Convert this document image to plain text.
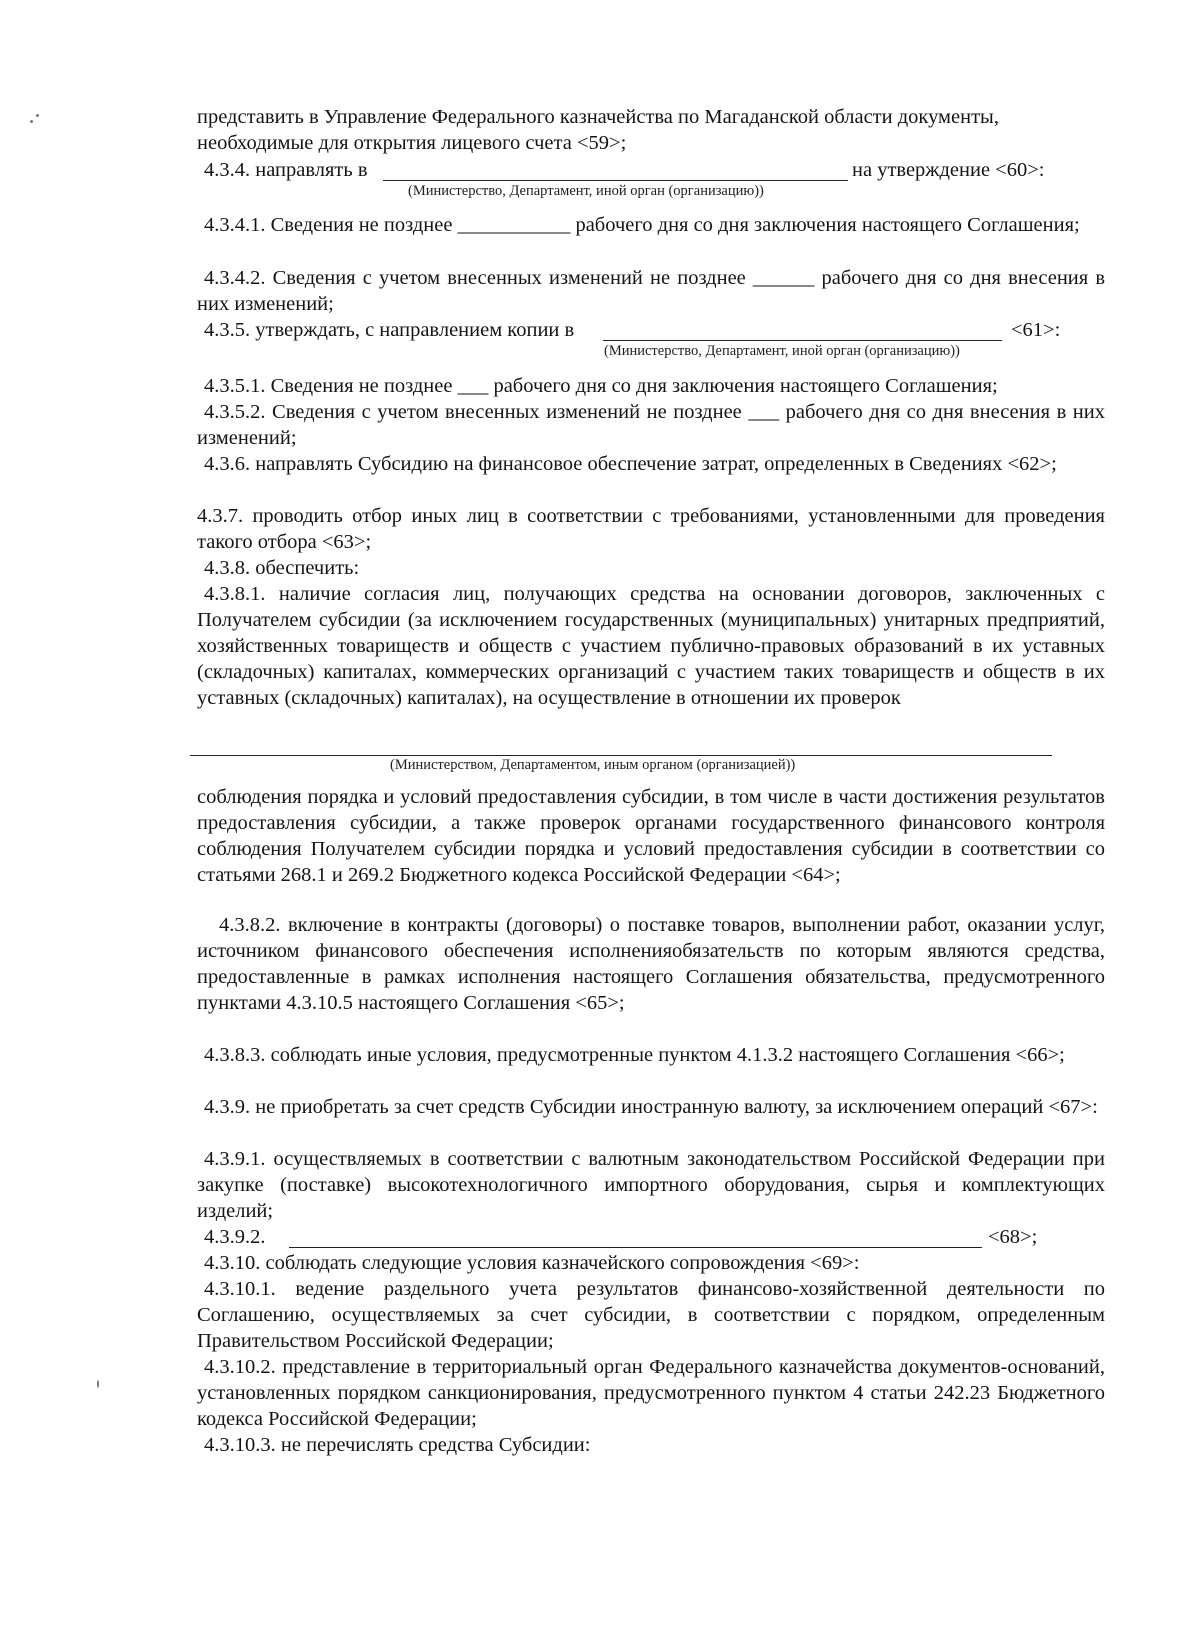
представить в Управление Федерального казначейства по Магаданской области документы,

необходимые для открытия лицевого счета <59>;

4.3.4. направлять в	на утверждение <60>:

(Министерство, Департамент, иной орган (организацию))

4.3.4.1. Сведения не позднее ___________ рабочего дня со дня заключения настоящего Соглашения;

4.3.4.2. Сведения с учетом внесенных изменений не позднее ______ рабочего дня со дня внесения в них изменений;

4.3.5. утверждать, с направлением копии в	<61>:

(Министерство, Департамент, иной орган (организацию))

4.3.5.1. Сведения не позднее ___ рабочего дня со дня заключения настоящего Соглашения;

4.3.5.2. Сведения с учетом внесенных изменений не позднее ___ рабочего дня со дня внесения в них изменений;

4.3.6. направлять Субсидию на финансовое обеспечение затрат, определенных в Сведениях <62>;

4.3.7. проводить отбор иных лиц в соответствии с требованиями, установленными для проведения такого отбора <63>;

4.3.8. обеспечить:

4.3.8.1. наличие согласия лиц, получающих средства на основании договоров, заключенных с Получателем субсидии (за исключением государственных (муниципальных) унитарных предприятий, хозяйственных товариществ и обществ с участием публично-правовых образований в их уставных (складочных) капиталах, коммерческих организаций с участием таких товариществ и обществ в их уставных (складочных) капиталах), на осуществление в отношении их проверок

(Министерством, Департаментом, иным органом (организацией))

соблюдения порядка и условий предоставления субсидии, в том числе в части достижения результатов предоставления субсидии, а также проверок органами государственного финансового контроля соблюдения Получателем субсидии порядка и условий предоставления субсидии в соответствии со статьями 268.1 и 269.2 Бюджетного кодекса Российской Федерации <64>;

4.3.8.2. включение в контракты (договоры) о поставке товаров, выполнении работ, оказании услуг, источником финансового обеспечения исполненияобязательств по которым являются средства, предоставленные в рамках исполнения настоящего Соглашения обязательства, предусмотренного пунктами 4.3.10.5 настоящего Соглашения <65>;

4.3.8.3. соблюдать иные условия, предусмотренные пунктом 4.1.3.2 настоящего Соглашения <66>;

4.3.9. не приобретать за счет средств Субсидии иностранную валюту, за исключением операций <67>:

4.3.9.1. осуществляемых в соответствии с валютным законодательством Российской Федерации при закупке (поставке) высокотехнологичного импортного оборудования, сырья и комплектующих изделий;

4.3.9.2.	<68>;

4.3.10. соблюдать следующие условия казначейского сопровождения <69>:

4.3.10.1. ведение раздельного учета результатов финансово-хозяйственной деятельности по Соглашению, осуществляемых за счет субсидии, в соответствии с порядком, определенным Правительством Российской Федерации;

4.3.10.2. представление в территориальный орган Федерального казначейства документов-оснований, установленных порядком санкционирования, предусмотренного пунктом 4 статьи 242.23 Бюджетного кодекса Российской Федерации;

4.3.10.3. не перечислять средства Субсидии:
